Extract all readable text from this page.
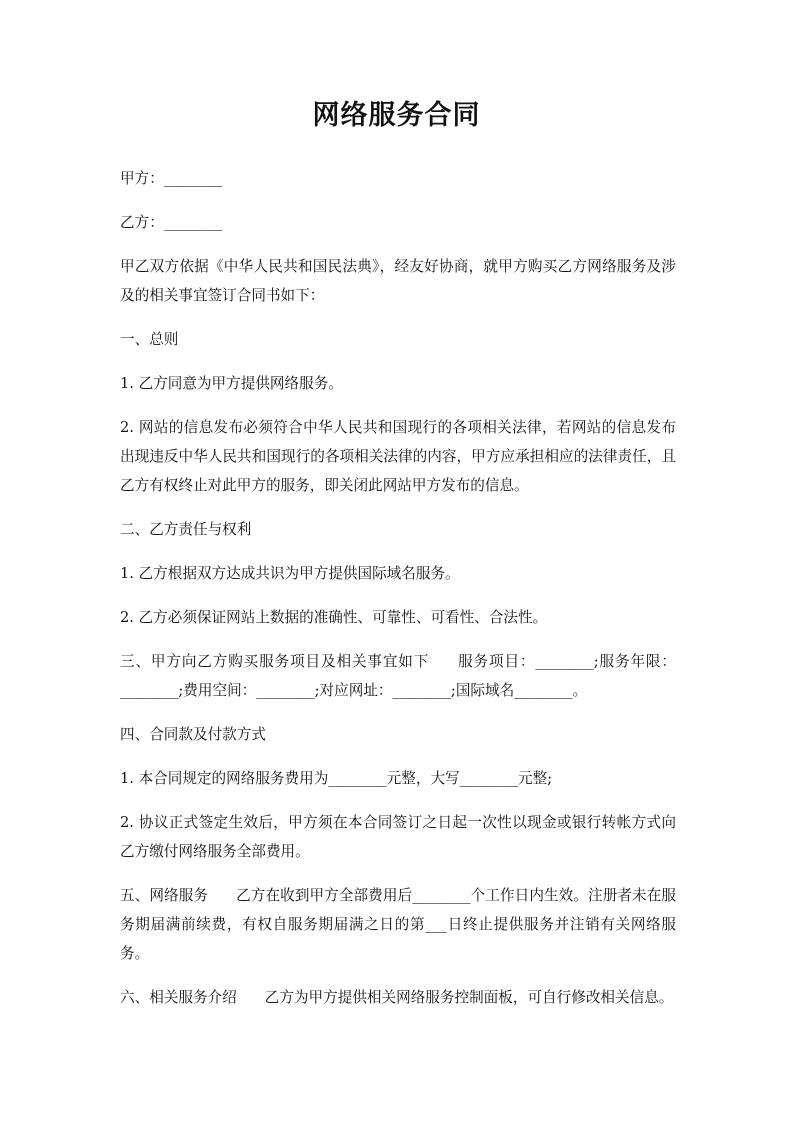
网络服务合同

甲方：________

乙方：________

甲乙双方依据《中华人民共和国民法典》，经友好协商，就甲方购买乙方网络服务及涉及的相关事宜签订合同书如下：

一、总则

1. 乙方同意为甲方提供网络服务。

2. 网站的信息发布必须符合中华人民共和国现行的各项相关法律，若网站的信息发布出现违反中华人民共和国现行的各项相关法律的内容，甲方应承担相应的法律责任，且乙方有权终止对此甲方的服务，即关闭此网站甲方发布的信息。

二、乙方责任与权利

1. 乙方根据双方达成共识为甲方提供国际域名服务。

2. 乙方必须保证网站上数据的准确性、可靠性、可看性、合法性。

三、甲方向乙方购买服务项目及相关事宜如下 服务项目：________;服务年限：________;费用空间：________;对应网址：________;国际域名________。

四、合同款及付款方式

1. 本合同规定的网络服务费用为________元整，大写________元整;

2. 协议正式签定生效后，甲方须在本合同签订之日起一次性以现金或银行转帐方式向乙方缴付网络服务全部费用。

五、网络服务 乙方在收到甲方全部费用后________个工作日内生效。注册者未在服务期届满前续费，有权自服务期届满之日的第___日终止提供服务并注销有关网络服务。

六、相关服务介绍 乙方为甲方提供相关网络服务控制面板，可自行修改相关信息。
